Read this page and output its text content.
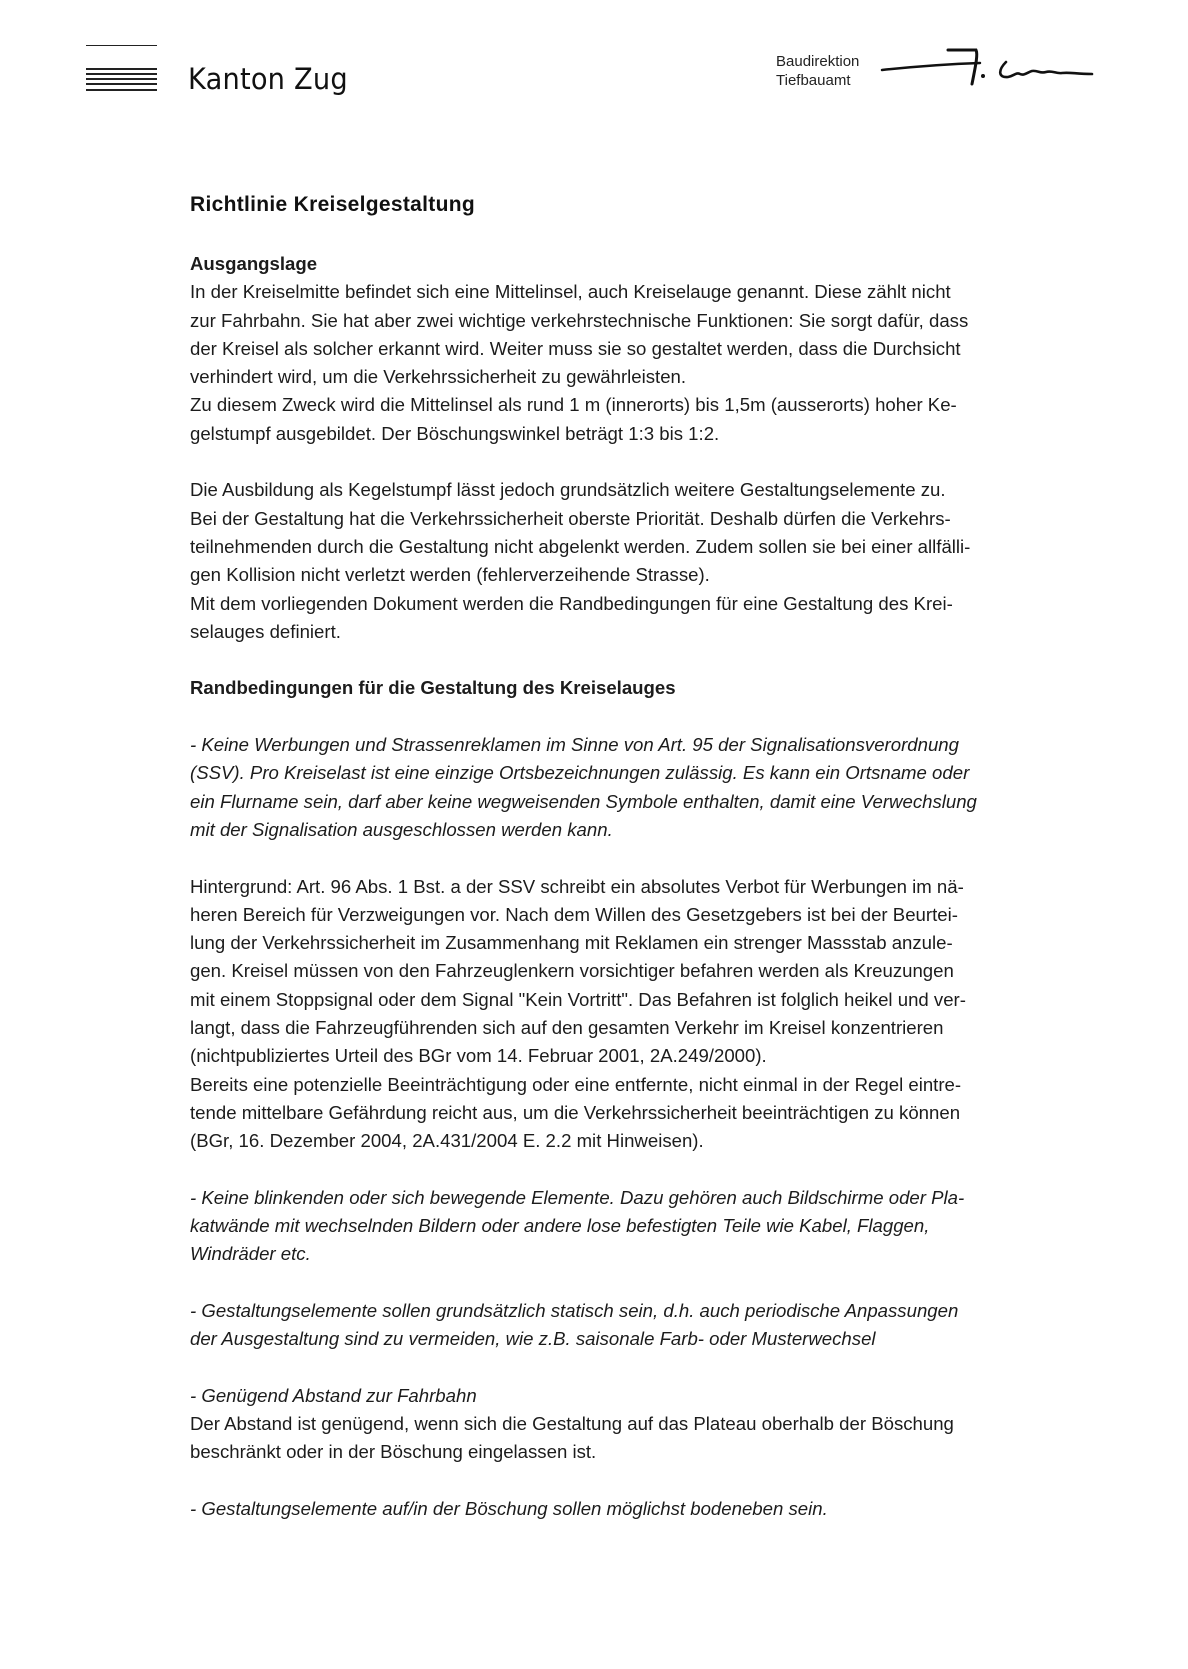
Kanton Zug
Baudirektion
Tiefbauamt
Richtlinie Kreiselgestaltung

Ausgangslage

In der Kreiselmitte befindet sich eine Mittelinsel, auch Kreiselauge genannt. Diese zählt nicht
zur Fahrbahn. Sie hat aber zwei wichtige verkehrstechnische Funktionen: Sie sorgt dafür, dass
der Kreisel als solcher erkannt wird. Weiter muss sie so gestaltet werden, dass die Durchsicht
verhindert wird, um die Verkehrssicherheit zu gewährleisten.
Zu diesem Zweck wird die Mittelinsel als rund 1 m (innerorts) bis 1,5m (ausserorts) hoher Ke-
gelstumpf ausgebildet. Der Böschungswinkel beträgt 1:3 bis 1:2.

Die Ausbildung als Kegelstumpf lässt jedoch grundsätzlich weitere Gestaltungselemente zu.
Bei der Gestaltung hat die Verkehrssicherheit oberste Priorität. Deshalb dürfen die Verkehrs-
teilnehmenden durch die Gestaltung nicht abgelenkt werden. Zudem sollen sie bei einer allfälli-
gen Kollision nicht verletzt werden (fehlerverzeihende Strasse).
Mit dem vorliegenden Dokument werden die Randbedingungen für eine Gestaltung des Krei-
selauges definiert.

Randbedingungen für die Gestaltung des Kreiselauges

- Keine Werbungen und Strassenreklamen im Sinne von Art. 95 der Signalisationsverordnung
(SSV). Pro Kreiselast ist eine einzige Ortsbezeichnungen zulässig. Es kann ein Ortsname oder
ein Flurname sein, darf aber keine wegweisenden Symbole enthalten, damit eine Verwechslung
mit der Signalisation ausgeschlossen werden kann.

Hintergrund: Art. 96 Abs. 1 Bst. a der SSV schreibt ein absolutes Verbot für Werbungen im nä-
heren Bereich für Verzweigungen vor. Nach dem Willen des Gesetzgebers ist bei der Beurtei-
lung der Verkehrssicherheit im Zusammenhang mit Reklamen ein strenger Massstab anzule-
gen. Kreisel müssen von den Fahrzeuglenkern vorsichtiger befahren werden als Kreuzungen
mit einem Stoppsignal oder dem Signal "Kein Vortritt". Das Befahren ist folglich heikel und ver-
langt, dass die Fahrzeugführenden sich auf den gesamten Verkehr im Kreisel konzentrieren
(nichtpubliziertes Urteil des BGr vom 14. Februar 2001, 2A.249/2000).
Bereits eine potenzielle Beeinträchtigung oder eine entfernte, nicht einmal in der Regel eintre-
tende mittelbare Gefährdung reicht aus, um die Verkehrssicherheit beeinträchtigen zu können
(BGr, 16. Dezember 2004, 2A.431/2004 E. 2.2 mit Hinweisen).

- Keine blinkenden oder sich bewegende Elemente. Dazu gehören auch Bildschirme oder Pla-
katwände mit wechselnden Bildern oder andere lose befestigten Teile wie Kabel, Flaggen,
Windräder etc.

- Gestaltungselemente sollen grundsätzlich statisch sein, d.h. auch periodische Anpassungen
der Ausgestaltung sind zu vermeiden, wie z.B. saisonale Farb- oder Musterwechsel

- Genügend Abstand zur Fahrbahn
Der Abstand ist genügend, wenn sich die Gestaltung auf das Plateau oberhalb der Böschung
beschränkt oder in der Böschung eingelassen ist.

- Gestaltungselemente auf/in der Böschung sollen möglichst bodeneben sein.
